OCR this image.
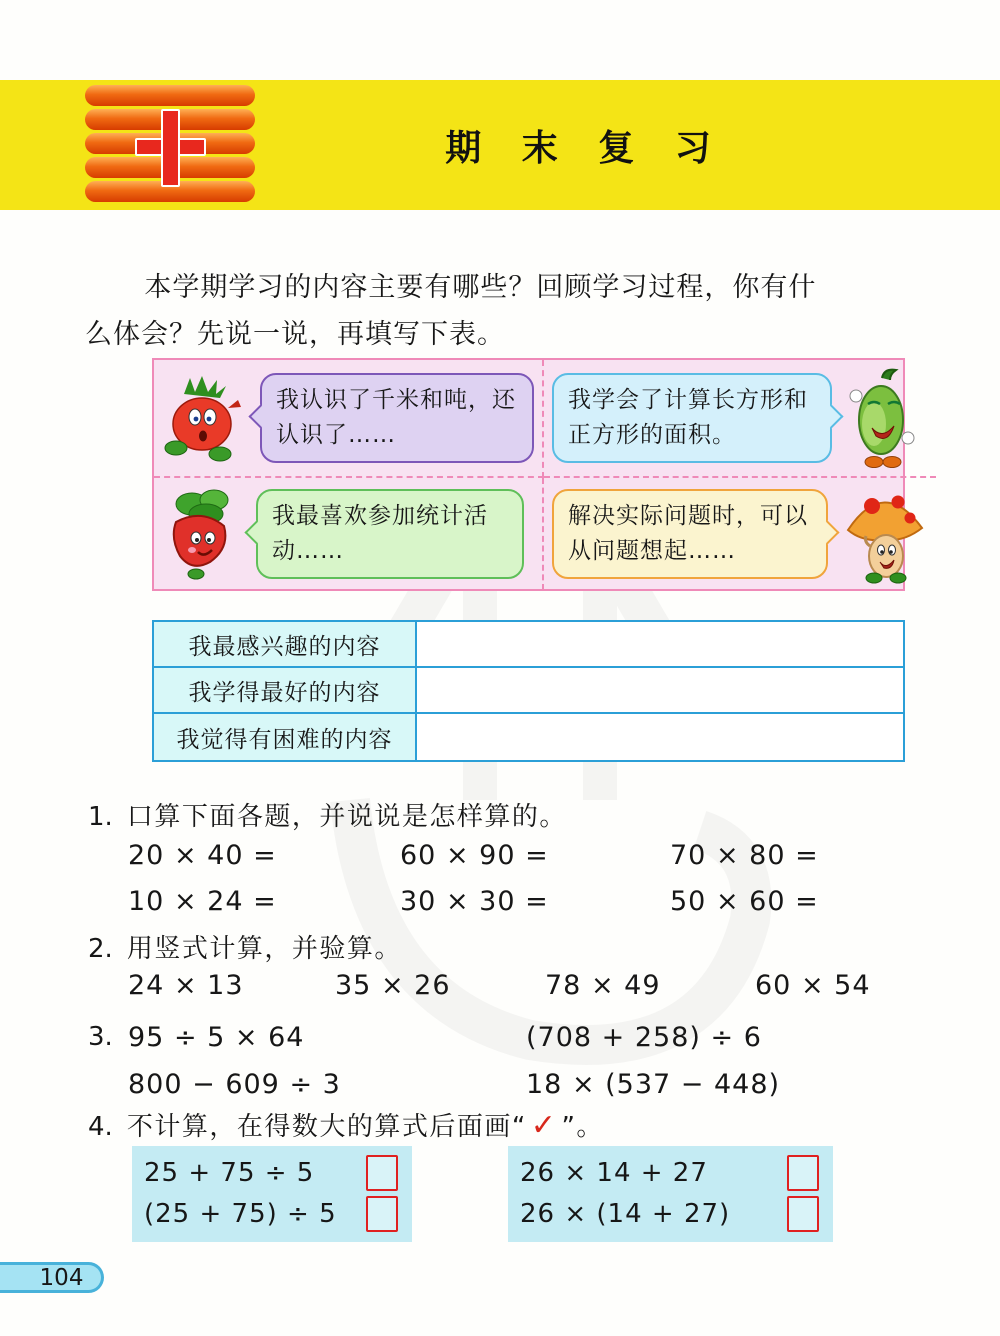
期 末 复 习
本学期学习的内容主要有哪些？回顾学习过程，你有什么体会？先说一说，再填写下表。
我认识了千米和吨，还认识了……
我学会了计算长方形和正方形的面积。
我最喜欢参加统计活动……
解决实际问题时，可以从问题想起……
我最感兴趣的内容
我学得最好的内容
我觉得有困难的内容
1. 口算下面各题，并说说是怎样算的。
20 × 40 =	60 × 90 =	70 × 80 =
10 × 24 =	30 × 30 =	50 × 60 =
2. 用竖式计算，并验算。
24 × 13	35 × 26	78 × 49	60 × 54
3. 95 ÷ 5 × 64	(708 + 258) ÷ 6
800 − 609 ÷ 3	18 × (537 − 448)
4. 不计算，在得数大的算式后面画“ ✓ ”。
25 + 75 ÷ 5
(25 + 75) ÷ 5
26 × 14 + 27
26 × (14 + 27)
104
